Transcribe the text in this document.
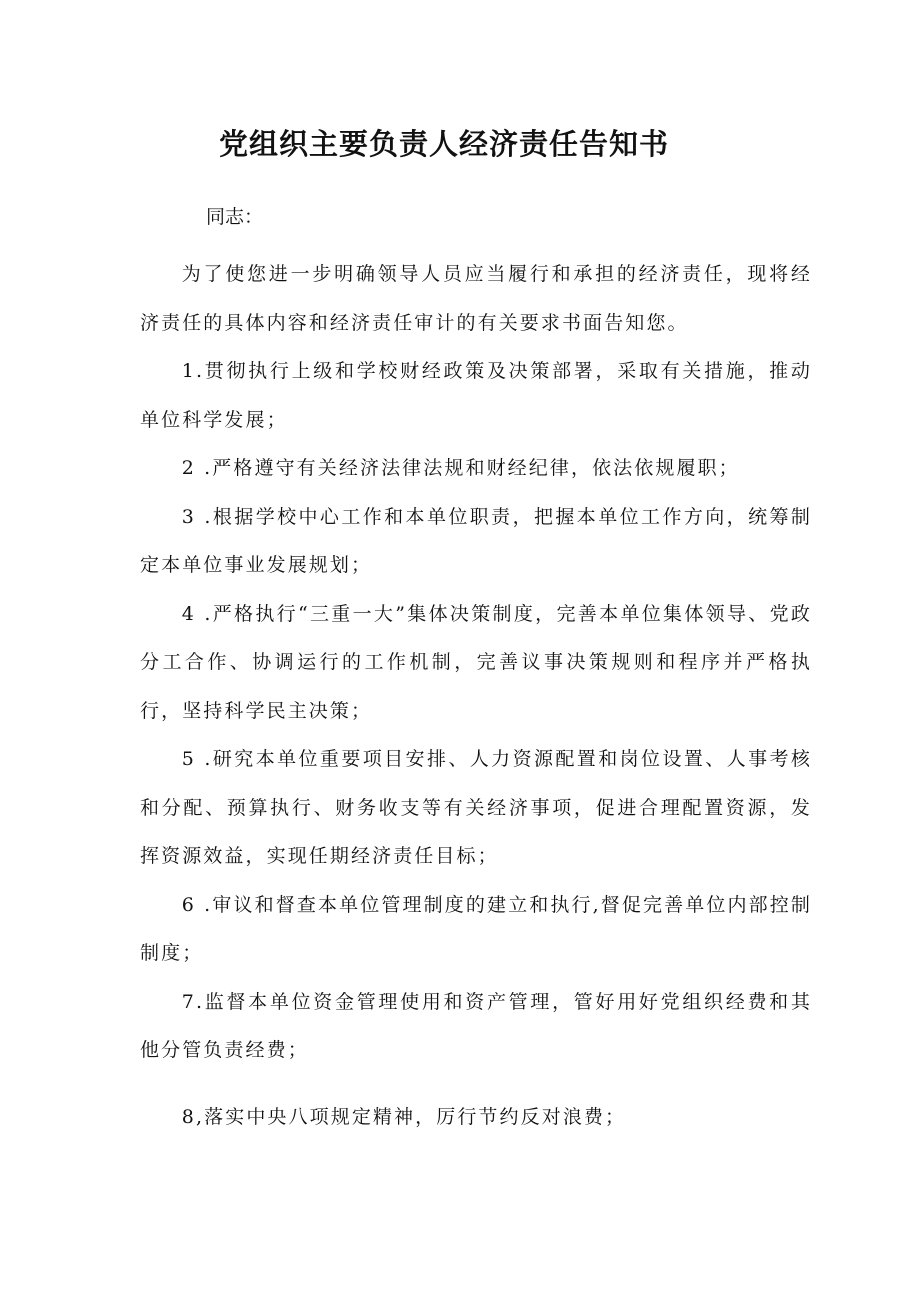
党组织主要负责人经济责任告知书

同志：

为了使您进一步明确领导人员应当履行和承担的经济责任，现将经济责任的具体内容和经济责任审计的有关要求书面告知您。

1.贯彻执行上级和学校财经政策及决策部署，采取有关措施，推动单位科学发展；

2 .严格遵守有关经济法律法规和财经纪律，依法依规履职；

3 .根据学校中心工作和本单位职责，把握本单位工作方向，统筹制定本单位事业发展规划；

4 .严格执行“三重一大”集体决策制度，完善本单位集体领导、党政分工合作、协调运行的工作机制，完善议事决策规则和程序并严格执行，坚持科学民主决策；

5 .研究本单位重要项目安排、人力资源配置和岗位设置、人事考核和分配、预算执行、财务收支等有关经济事项，促进合理配置资源，发挥资源效益，实现任期经济责任目标；

6 .审议和督查本单位管理制度的建立和执行,督促完善单位内部控制制度；

7.监督本单位资金管理使用和资产管理，管好用好党组织经费和其他分管负责经费；

8,落实中央八项规定精神，厉行节约反对浪费；
